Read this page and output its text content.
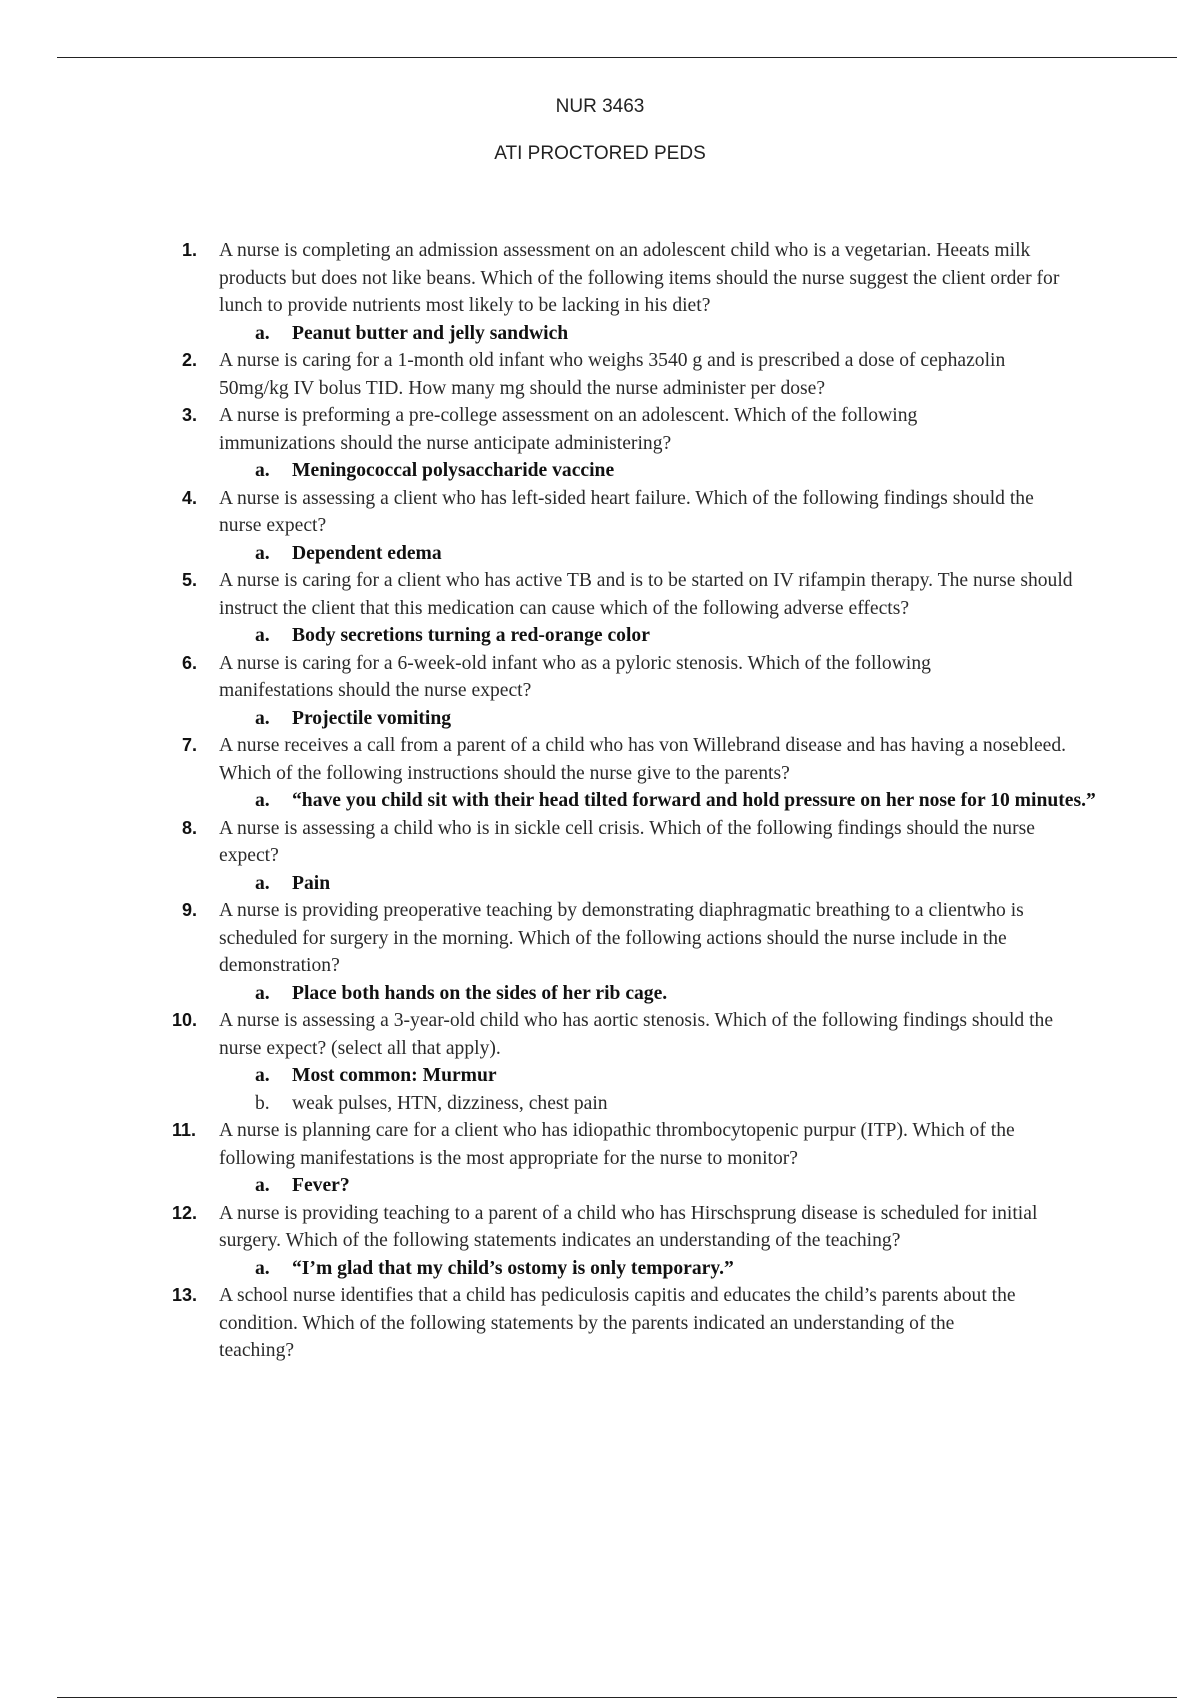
NUR 3463
ATI PROCTORED PEDS
1. A nurse is completing an admission assessment on an adolescent child who is a vegetarian. Heeats milk products but does not like beans. Which of the following items should the nurse suggest the client order for lunch to provide nutrients most likely to be lacking in his diet?
a. Peanut butter and jelly sandwich
2. A nurse is caring for a 1-month old infant who weighs 3540 g and is prescribed a dose of cephazolin 50mg/kg IV bolus TID. How many mg should the nurse administer per dose?
3. A nurse is preforming a pre-college assessment on an adolescent. Which of the following immunizations should the nurse anticipate administering?
a. Meningococcal polysaccharide vaccine
4. A nurse is assessing a client who has left-sided heart failure. Which of the following findings should the nurse expect?
a. Dependent edema
5. A nurse is caring for a client who has active TB and is to be started on IV rifampin therapy. The nurse should instruct the client that this medication can cause which of the following adverse effects?
a. Body secretions turning a red-orange color
6. A nurse is caring for a 6-week-old infant who as a pyloric stenosis. Which of the following manifestations should the nurse expect?
a. Projectile vomiting
7. A nurse receives a call from a parent of a child who has von Willebrand disease and has having a nosebleed. Which of the following instructions should the nurse give to the parents?
a. “have you child sit with their head tilted forward and hold pressure on her nose for 10 minutes.”
8. A nurse is assessing a child who is in sickle cell crisis. Which of the following findings should the nurse expect?
a. Pain
9. A nurse is providing preoperative teaching by demonstrating diaphragmatic breathing to a clientwho is scheduled for surgery in the morning. Which of the following actions should the nurse include in the demonstration?
a. Place both hands on the sides of her rib cage.
10. A nurse is assessing a 3-year-old child who has aortic stenosis. Which of the following findings should the nurse expect? (select all that apply).
a. Most common: Murmur
b. weak pulses, HTN, dizziness, chest pain
11. A nurse is planning care for a client who has idiopathic thrombocytopenic purpur (ITP). Which of the following manifestations is the most appropriate for the nurse to monitor?
a. Fever?
12. A nurse is providing teaching to a parent of a child who has Hirschsprung disease is scheduled for initial surgery. Which of the following statements indicates an understanding of the teaching?
a. “I’m glad that my child’s ostomy is only temporary.”
13. A school nurse identifies that a child has pediculosis capitis and educates the child’s parents about the condition. Which of the following statements by the parents indicated an understanding of the teaching?
